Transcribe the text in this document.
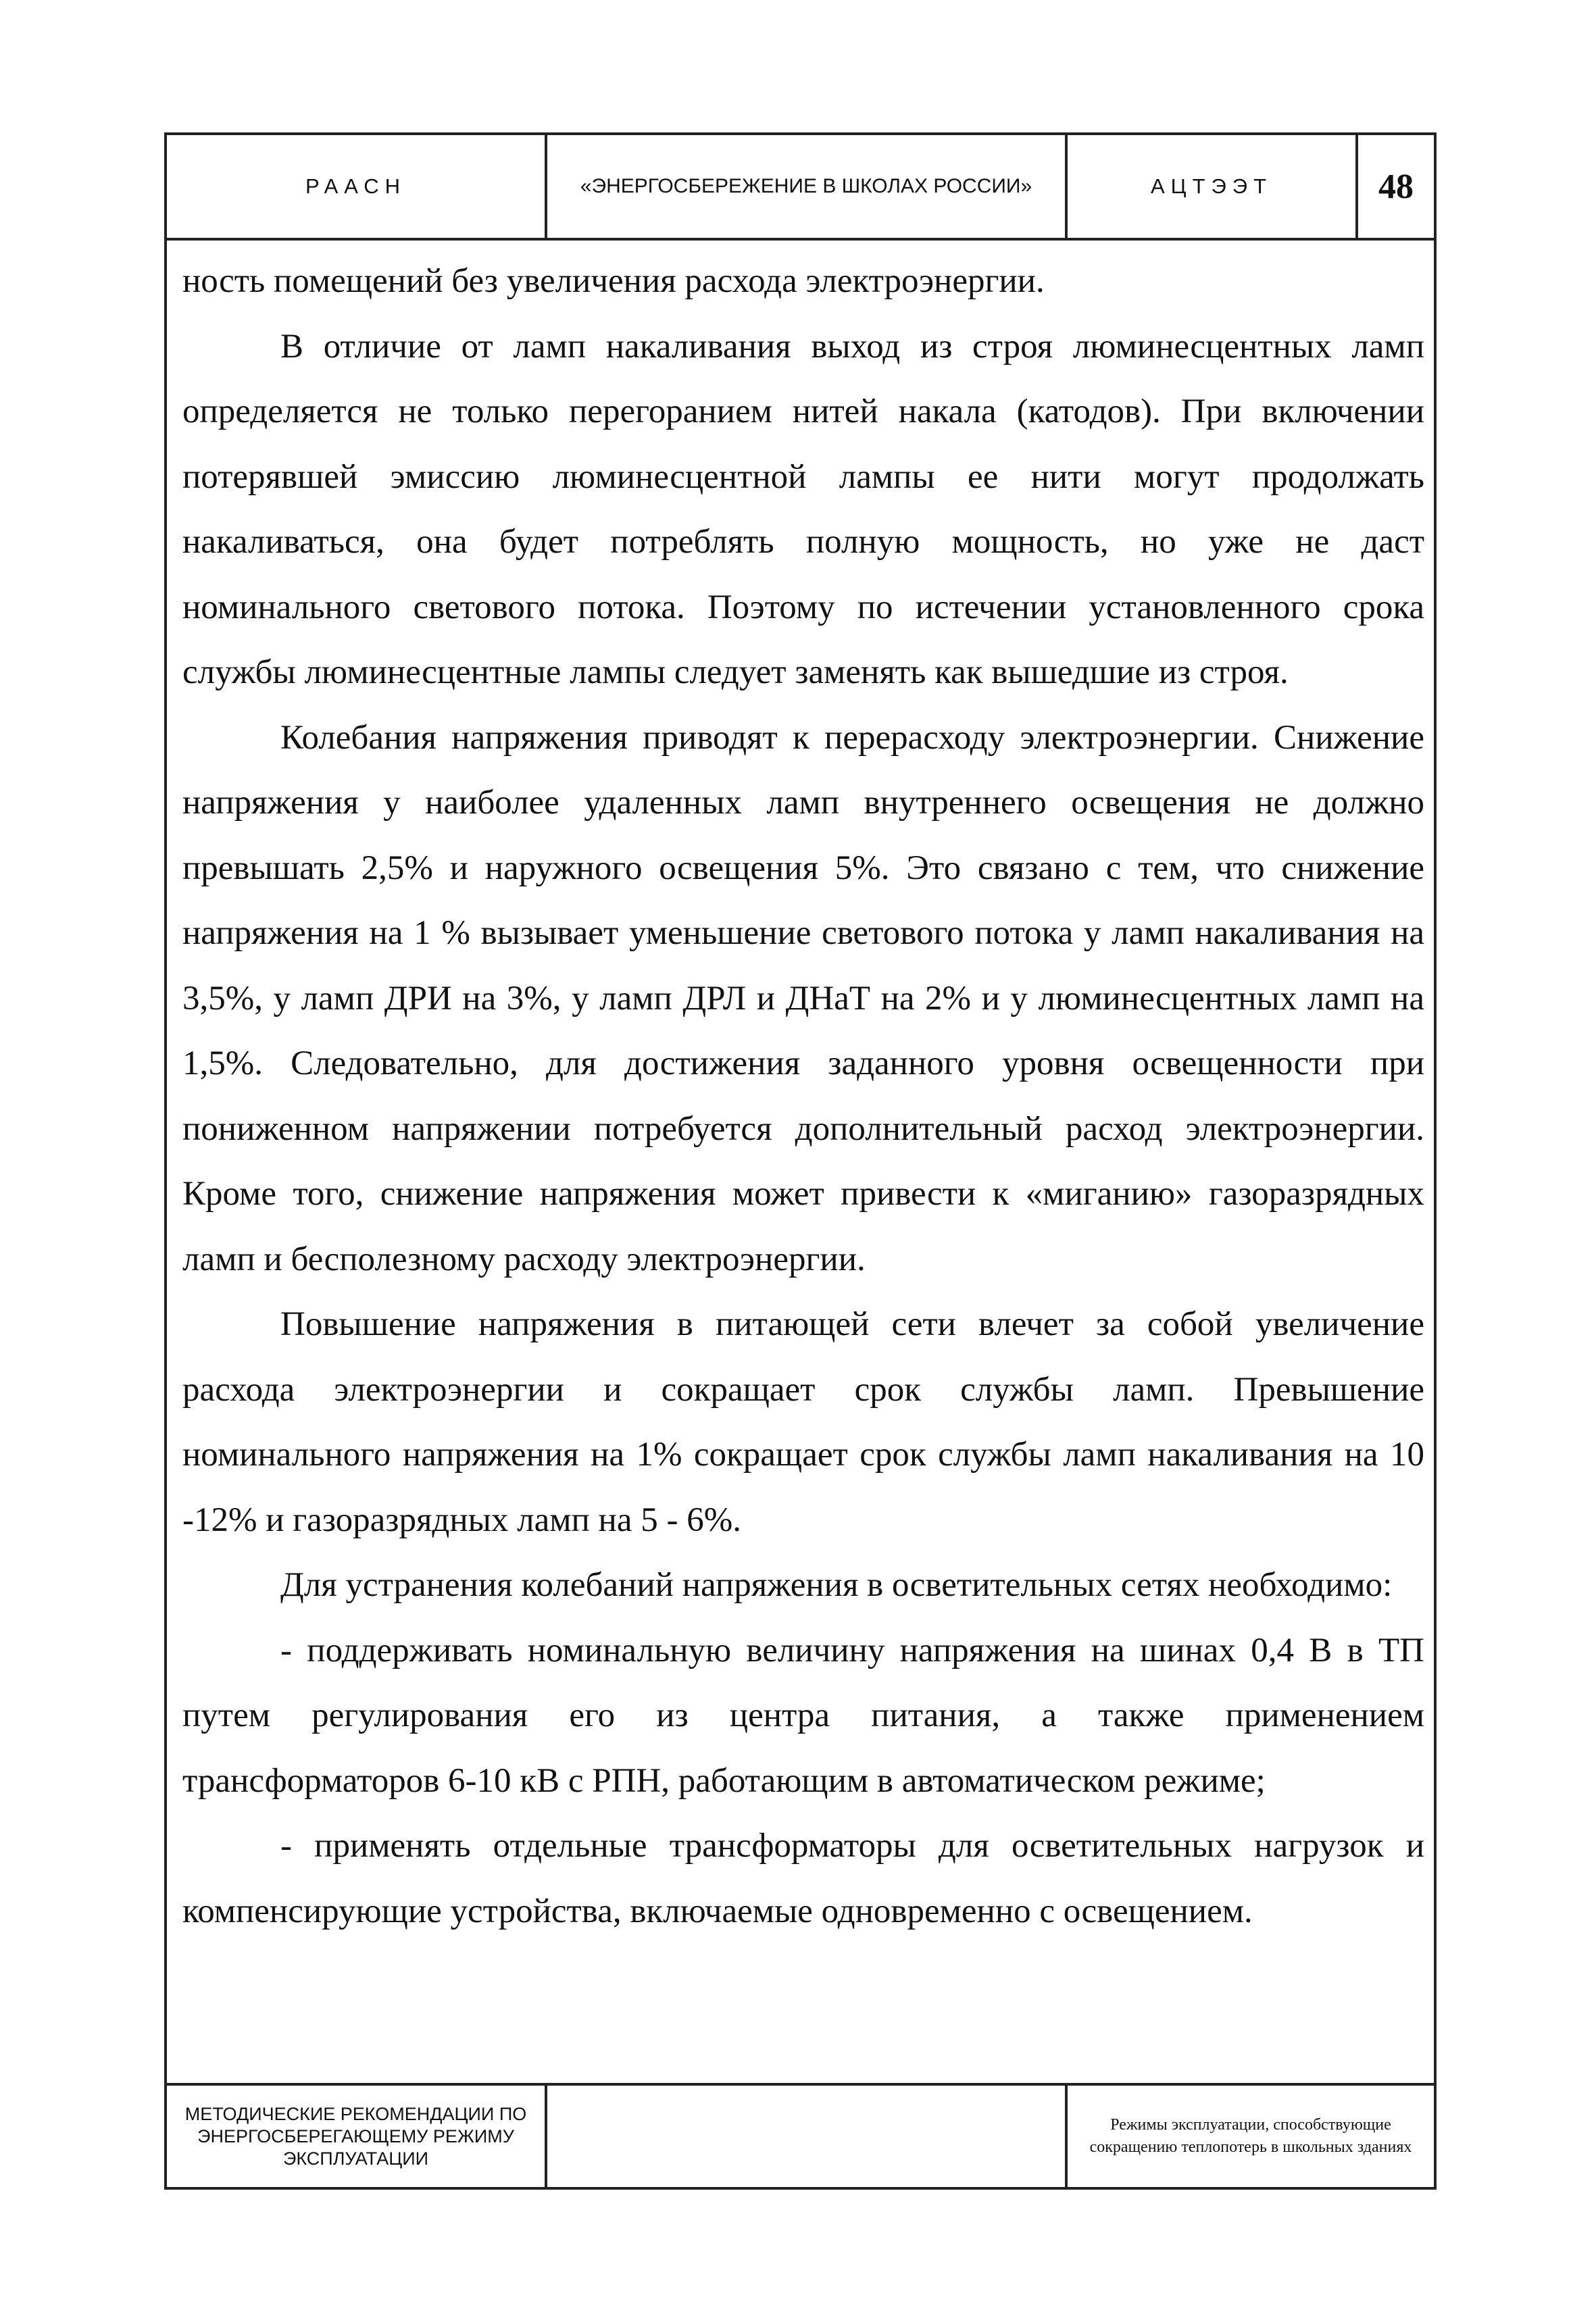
РААСН	«ЭНЕРГОСБЕРЕЖЕНИЕ В ШКОЛАХ РОССИИ»	АЦТЭЭТ	48

ность помещений без увеличения расхода электроэнергии.

В отличие от ламп накаливания выход из строя люминесцентных ламп определяется не только перегоранием нитей накала (катодов). При включении потерявшей эмиссию люминесцентной лампы ее нити могут продолжать накаливаться, она будет потреблять полную мощность, но уже не даст номинального светового потока. Поэтому по истечении установленного срока службы люминесцентные лампы следует заменять как вышедшие из строя.

Колебания напряжения приводят к перерасходу электроэнергии. Снижение напряжения у наиболее удаленных ламп внутреннего освещения не должно превышать 2,5% и наружного освещения 5%. Это связано с тем, что снижение напряжения на 1 % вызывает уменьшение светового потока у ламп накаливания на 3,5%, у ламп ДРИ на 3%, у ламп ДРЛ и ДНаТ на 2% и у люминесцентных ламп на 1,5%. Следовательно, для достижения заданного уровня освещенности при пониженном напряжении потребуется дополнительный расход электроэнергии. Кроме того, снижение напряжения может привести к «миганию» газоразрядных ламп и бесполезному расходу электроэнергии.

Повышение напряжения в питающей сети влечет за собой увеличение расхода электроэнергии и сокращает срок службы ламп. Превышение номинального напряжения на 1% сокращает срок службы ламп накаливания на 10 -12% и газоразрядных ламп на 5 - 6%.

Для устранения колебаний напряжения в осветительных сетях необходимо:

- поддерживать номинальную величину напряжения на шинах 0,4 В в ТП путем регулирования его из центра питания, а также применением трансформаторов 6-10 кВ с РПН, работающим в автоматическом режиме;

- применять отдельные трансформаторы для осветительных нагрузок и компенсирующие устройства, включаемые одновременно с освещением.

МЕТОДИЧЕСКИЕ РЕКОМЕНДАЦИИ ПО ЭНЕРГОСБЕРЕГАЮЩЕМУ РЕЖИМУ ЭКСПЛУАТАЦИИ
Режимы эксплуатации, способствующие сокращению теплопотерь в школьных зданиях
